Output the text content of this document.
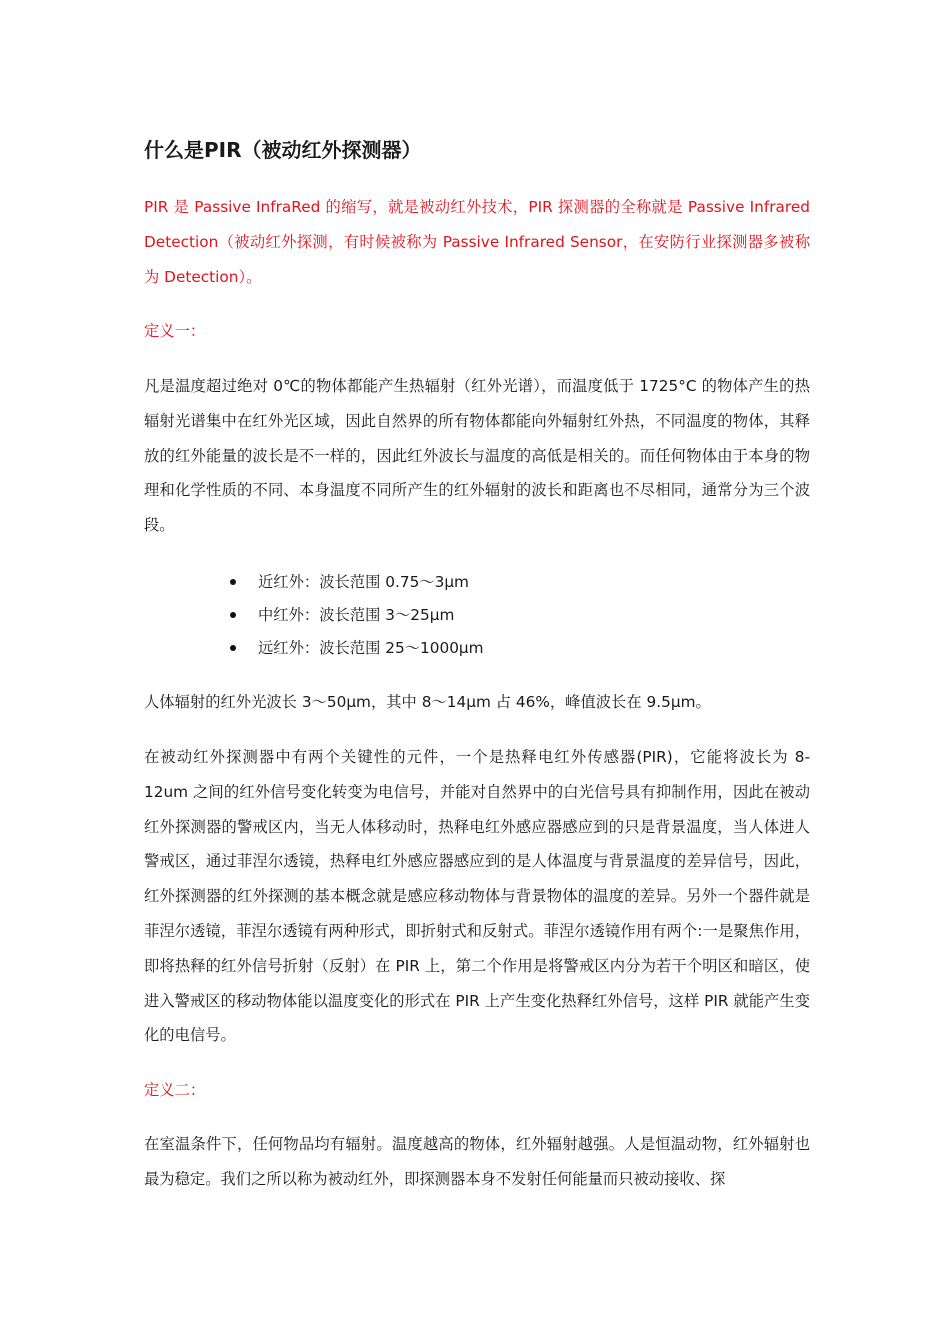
什么是PIR（被动红外探测器）

PIR 是 Passive InfraRed 的缩写，就是被动红外技术，PIR 探测器的全称就是 Passive Infrared Detection（被动红外探测，有时候被称为 Passive Infrared Sensor，在安防行业探测器多被称为 Detection）。

定义一：

凡是温度超过绝对 0℃的物体都能产生热辐射（红外光谱），而温度低于 1725°C 的物体产生的热辐射光谱集中在红外光区域，因此自然界的所有物体都能向外辐射红外热，不同温度的物体，其释放的红外能量的波长是不一样的，因此红外波长与温度的高低是相关的。而任何物体由于本身的物理和化学性质的不同、本身温度不同所产生的红外辐射的波长和距离也不尽相同，通常分为三个波段。

近红外：波长范围 0.75～3μm
中红外：波长范围 3～25μm
远红外：波长范围 25～1000μm

人体辐射的红外光波长 3～50μm，其中 8～14μm 占 46%，峰值波长在 9.5μm。

在被动红外探测器中有两个关键性的元件，一个是热释电红外传感器(PIR)，它能将波长为 8-12um 之间的红外信号变化转变为电信号，并能对自然界中的白光信号具有抑制作用，因此在被动红外探测器的警戒区内，当无人体移动时，热释电红外感应器感应到的只是背景温度，当人体进人警戒区，通过菲涅尔透镜，热释电红外感应器感应到的是人体温度与背景温度的差异信号，因此，红外探测器的红外探测的基本概念就是感应移动物体与背景物体的温度的差异。另外一个器件就是菲涅尔透镜，菲涅尔透镜有两种形式，即折射式和反射式。菲涅尔透镜作用有两个:一是聚焦作用，即将热释的红外信号折射（反射）在 PIR 上，第二个作用是将警戒区内分为若干个明区和暗区，使进入警戒区的移动物体能以温度变化的形式在 PIR 上产生变化热释红外信号，这样 PIR 就能产生变化的电信号。

定义二：

在室温条件下，任何物品均有辐射。温度越高的物体，红外辐射越强。人是恒温动物，红外辐射也最为稳定。我们之所以称为被动红外，即探测器本身不发射任何能量而只被动接收、探
